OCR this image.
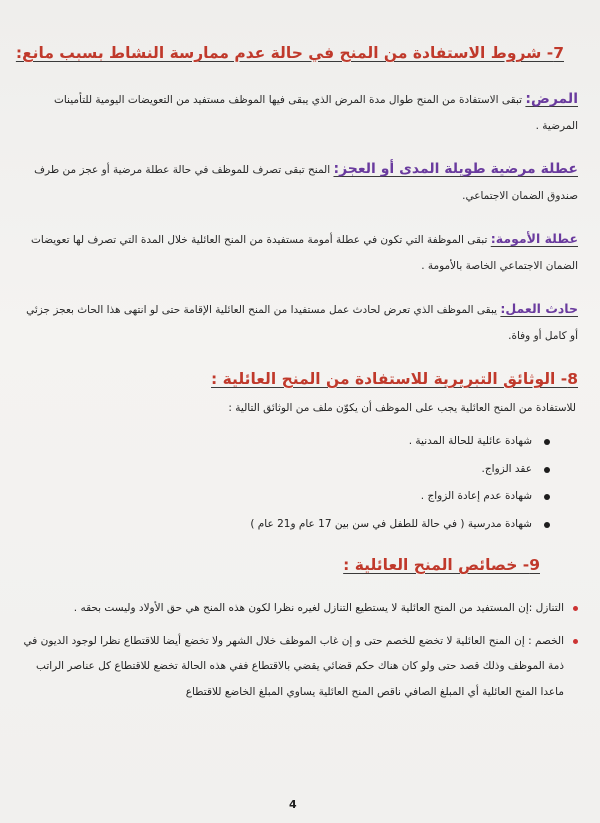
7- شروط الاستفادة من المنح في حالة عدم ممارسة النشاط بسبب مانع:
المرض: تبقى الاستفادة من المنح طوال مدة المرض الذي يبقى فيها الموظف مستفيد من التعويضات اليومية للتأمينات المرضية .
عطلة مرضية طويلة المدى أو العجز: المنح تبقى تصرف للموظف في حالة عطلة مرضية أو عجز من طرف صندوق الضمان الاجتماعي.
عطلة الأمومة: تبقى الموظفة التي تكون في عطلة أمومة مستفيدة من المنح العائلية خلال المدة التي تصرف لها تعويضات الضمان الاجتماعي الخاصة بالأمومة .
حادث العمل: يبقى الموظف الذي تعرض لحادث عمل مستفيدا من المنح العائلية الإقامة حتى لو انتهى هذا الحاث بعجز جزئي أو كامل أو وفاة.
8- الوثائق التبريرية للاستفادة من المنح العائلية :
للاستفادة من المنح العائلية يجب على الموظف أن يكوّن ملف من الوثائق التالية :
شهادة عائلية للحالة المدنية .
عقد الزواج.
شهادة عدم إعادة الزواج .
شهادة مدرسية ( في حالة للطفل في سن بين 17 عام و21 عام )
9- خصائص المنح العائلية :
التنازل :إن المستفيد من المنح العائلية لا يستطيع التنازل لغيره نظرا لكون هذه المنح هي حق الأولاد وليست بحقه .
الخصم : إن المنح العائلية لا تخضع للخصم حتى و إن غاب الموظف خلال الشهر ولا تخضع أيضا للاقتطاع نظرا لوجود الديون في ذمة الموظف وذلك قصد حتى ولو كان هناك حكم قضائي يقضي بالاقتطاع ففي هذه الحالة تخضع للاقتطاع كل عناصر الراتب ماعدا المنح العائلية أي المبلغ الصافي ناقص المنح العائلية يساوي المبلغ الخاضع للاقتطاع
4
